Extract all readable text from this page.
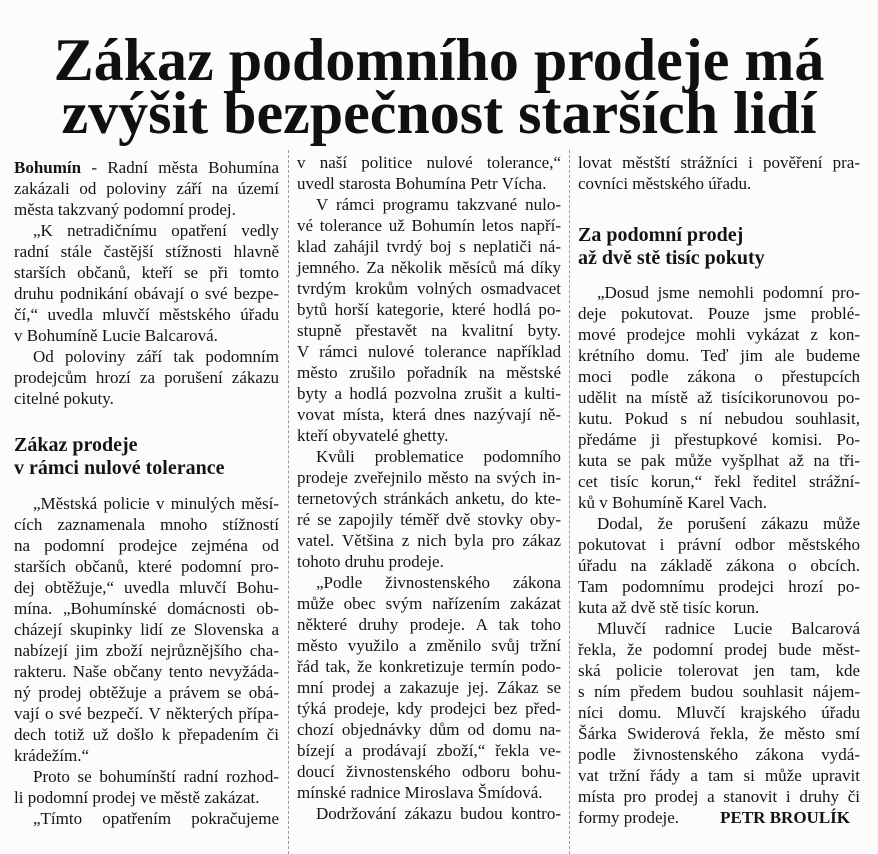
Zákaz podomního prodeje má
zvýšit bezpečnost starších lidí
Bohumín - Radní města Bohumína
zakázali od poloviny září na území
města takzvaný podomní prodej.
„K netradičnímu opatření vedly
radní stále častější stížnosti hlavně
starších občanů, kteří se při tomto
druhu podnikání obávají o své bezpe-
čí,“ uvedla mluvčí městského úřadu
v Bohumíně Lucie Balcarová.
Od poloviny září tak podomním
prodejcům hrozí za porušení zákazu
citelné pokuty.
Zákaz prodeje
v rámci nulové tolerance
„Městská policie v minulých měsí-
cích zaznamenala mnoho stížností
na podomní prodejce zejména od
starších občanů, které podomní pro-
dej obtěžuje,“ uvedla mluvčí Bohu-
mína. „Bohumínské domácnosti ob-
cházejí skupinky lidí ze Slovenska a
nabízejí jim zboží nejrůznějšího cha-
rakteru. Naše občany tento nevyžáda-
ný prodej obtěžuje a právem se obá-
vají o své bezpečí. V některých přípa-
dech totiž už došlo k přepadením či
krádežím.“
Proto se bohumínští radní rozhod-
li podomní prodej ve městě zakázat.
„Tímto opatřením pokračujeme
v naší politice nulové tolerance,“
uvedl starosta Bohumína Petr Vícha.
V rámci programu takzvané nulo-
vé tolerance už Bohumín letos napří-
klad zahájil tvrdý boj s neplatiči ná-
jemného. Za několik měsíců má díky
tvrdým krokům volných osmadvacet
bytů horší kategorie, které hodlá po-
stupně přestavět na kvalitní byty.
V rámci nulové tolerance například
město zrušilo pořadník na městské
byty a hodlá pozvolna zrušit a kulti-
vovat místa, která dnes nazývají ně-
kteří obyvatelé ghetty.
Kvůli problematice podomního
prodeje zveřejnilo město na svých in-
ternetových stránkách anketu, do kte-
ré se zapojily téměř dvě stovky oby-
vatel. Většina z nich byla pro zákaz
tohoto druhu prodeje.
„Podle živnostenského zákona
může obec svým nařízením zakázat
některé druhy prodeje. A tak toho
město využilo a změnilo svůj tržní
řád tak, že konkretizuje termín podo-
mní prodej a zakazuje jej. Zákaz se
týká prodeje, kdy prodejci bez před-
chozí objednávky dům od domu na-
bízejí a prodávají zboží,“ řekla ve-
doucí živnostenského odboru bohu-
mínské radnice Miroslava Šmídová.
Dodržování zákazu budou kontro-
lovat městští strážníci i pověření pra-
covníci městského úřadu.
Za podomní prodej
až dvě stě tisíc pokuty
„Dosud jsme nemohli podomní pro-
deje pokutovat. Pouze jsme problé-
mové prodejce mohli vykázat z kon-
krétního domu. Teď jim ale budeme
moci podle zákona o přestupcích
udělit na místě až tisícikorunovou po-
kutu. Pokud s ní nebudou souhlasit,
předáme ji přestupkové komisi. Po-
kuta se pak může vyšplhat až na tři-
cet tisíc korun,“ řekl ředitel strážní-
ků v Bohumíně Karel Vach.
Dodal, že porušení zákazu může
pokutovat i právní odbor městského
úřadu na základě zákona o obcích.
Tam podomnímu prodejci hrozí po-
kuta až dvě stě tisíc korun.
Mluvčí radnice Lucie Balcarová
řekla, že podomní prodej bude měst-
ská policie tolerovat jen tam, kde
s ním předem budou souhlasit nájem-
níci domu. Mluvčí krajského úřadu
Šárka Swiderová řekla, že město smí
podle živnostenského zákona vydá-
vat tržní řády a tam si může upravit
místa pro prodej a stanovit i druhy či
formy prodeje.	PETR BROULÍK
